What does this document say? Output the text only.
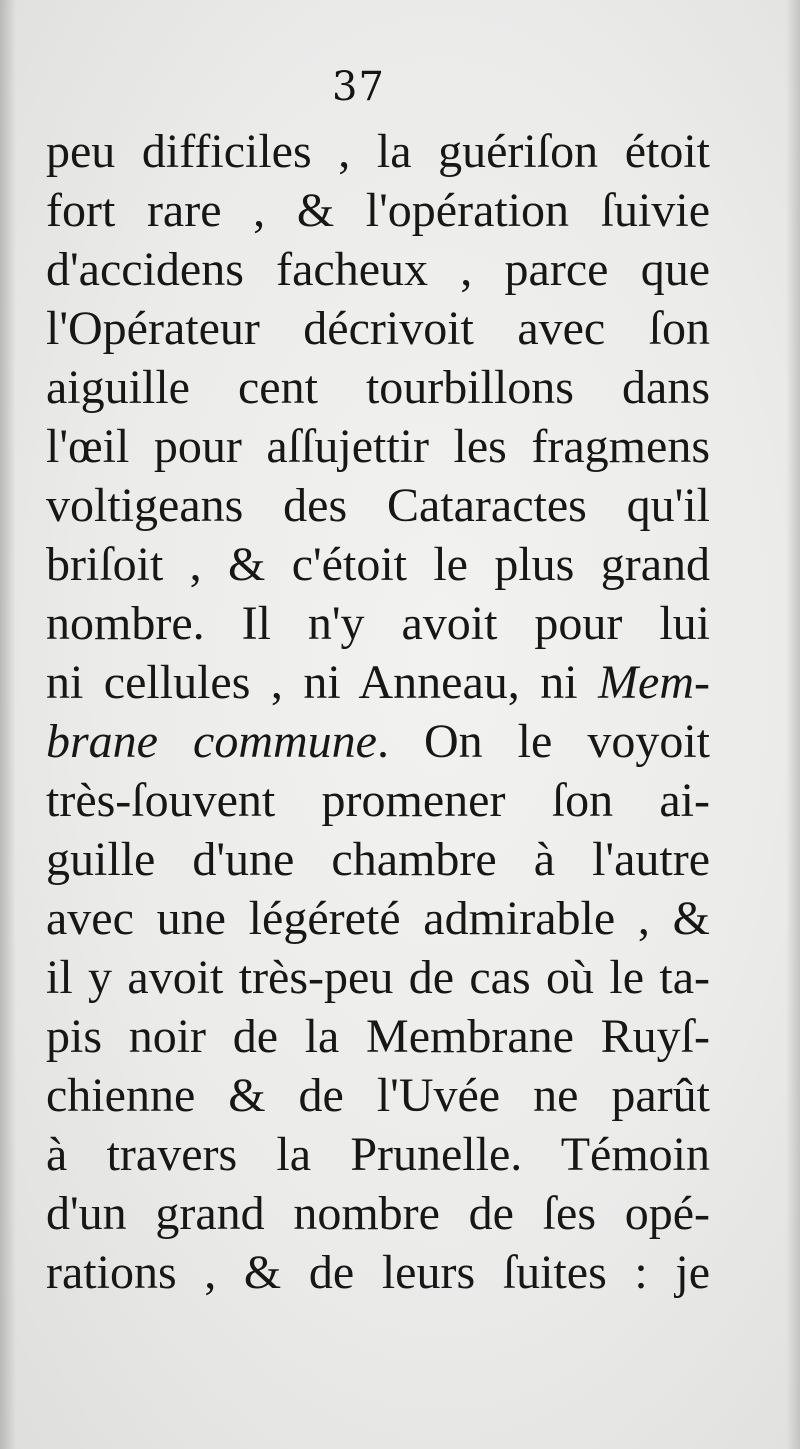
37
peu difficiles , la guériſon étoit
fort rare , & l'opération ſuivie
d'accidens facheux , parce que
l'Opérateur décrivoit avec ſon
aiguille cent tourbillons dans
l'œil pour aſſujettir les fragmens
voltigeans des Cataractes qu'il
briſoit , & c'étoit le plus grand
nombre. Il n'y avoit pour lui
ni cellules , ni Anneau, ni Mem-
brane commune. On le voyoit
très-ſouvent promener ſon ai-
guille d'une chambre à l'autre
avec une légéreté admirable , &
il y avoit très-peu de cas où le ta-
pis noir de la Membrane Ruyſ-
chienne & de l'Uvée ne parût
à travers la Prunelle. Témoin
d'un grand nombre de ſes opé-
rations , & de leurs ſuites : je
